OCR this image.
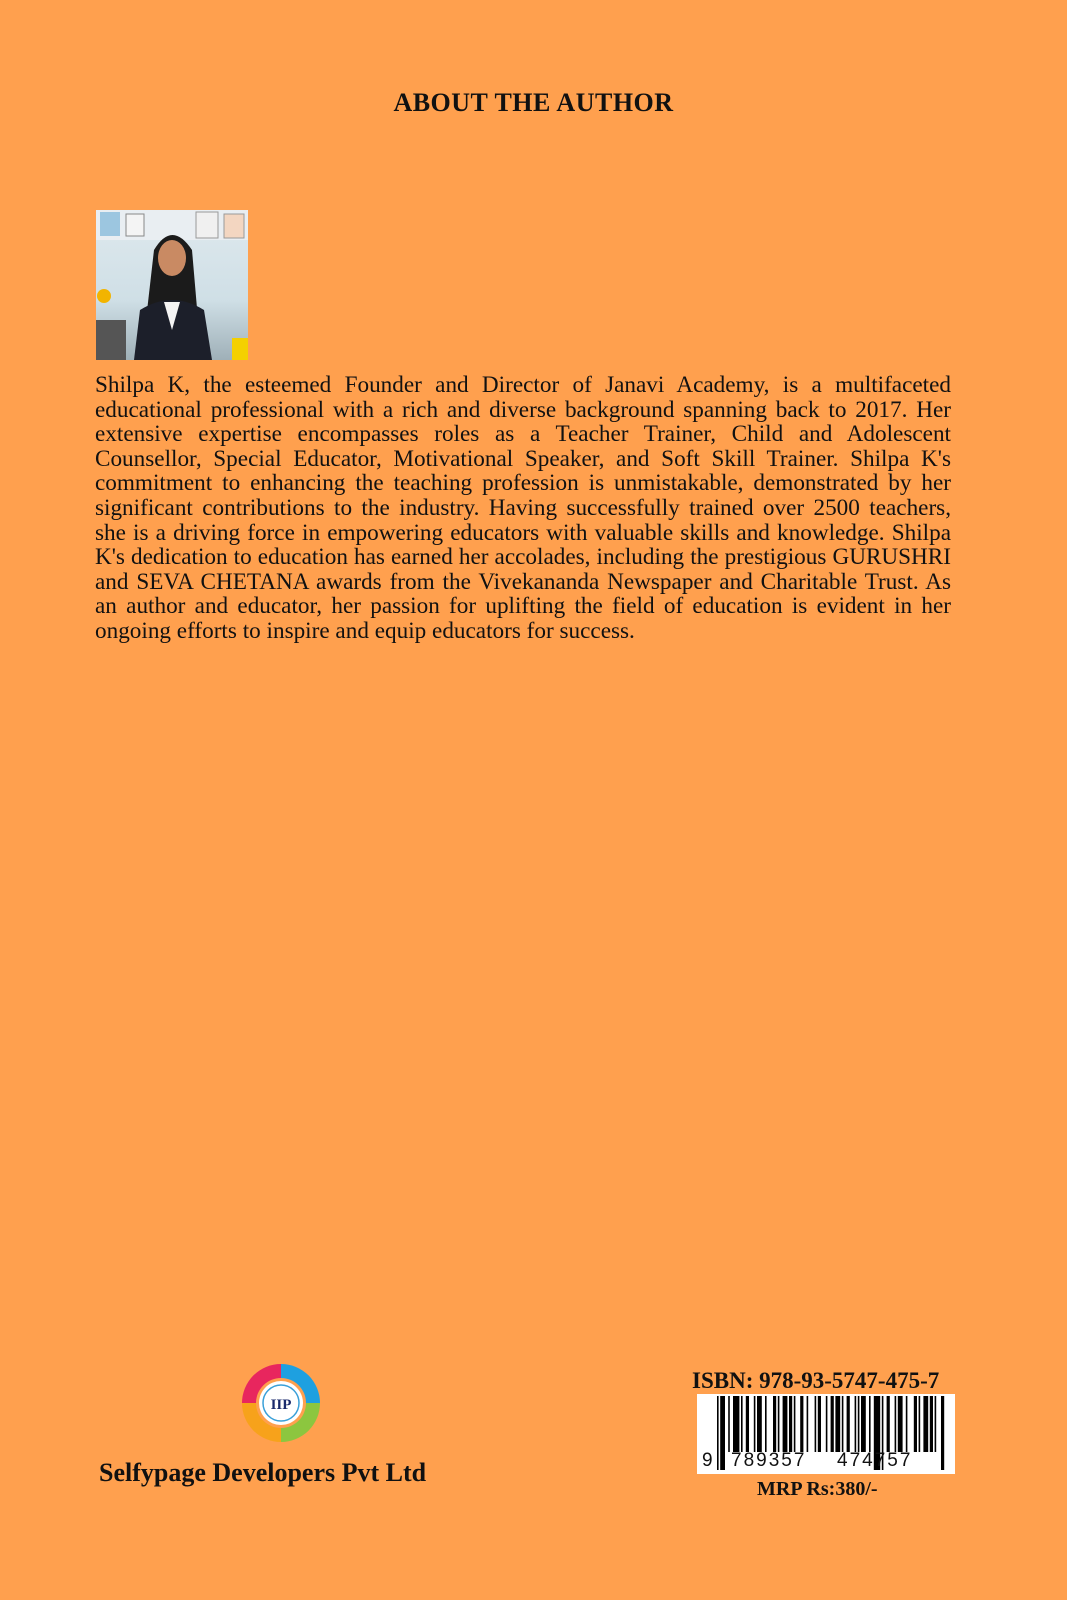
ABOUT THE AUTHOR
Shilpa K, the esteemed Founder and Director of Janavi Academy, is a multifaceted educational professional with a rich and diverse background spanning back to 2017. Her extensive expertise encompasses roles as a Teacher Trainer, Child and Adolescent Counsellor, Special Educator, Motivational Speaker, and Soft Skill Trainer. Shilpa K's commitment to enhancing the teaching profession is unmistakable, demonstrated by her significant contributions to the industry. Having successfully trained over 2500 teachers, she is a driving force in empowering educators with valuable skills and knowledge. Shilpa K's dedication to education has earned her accolades, including the prestigious GURUSHRI and SEVA CHETANA awards from the Vivekananda Newspaper and Charitable Trust. As an author and educator, her passion for uplifting the field of education is evident in her ongoing efforts to inspire and equip educators for success.
IIP
Selfypage Developers Pvt Ltd
ISBN: 978-93-5747-475-7
9 789357 474757
MRP Rs:380/-
